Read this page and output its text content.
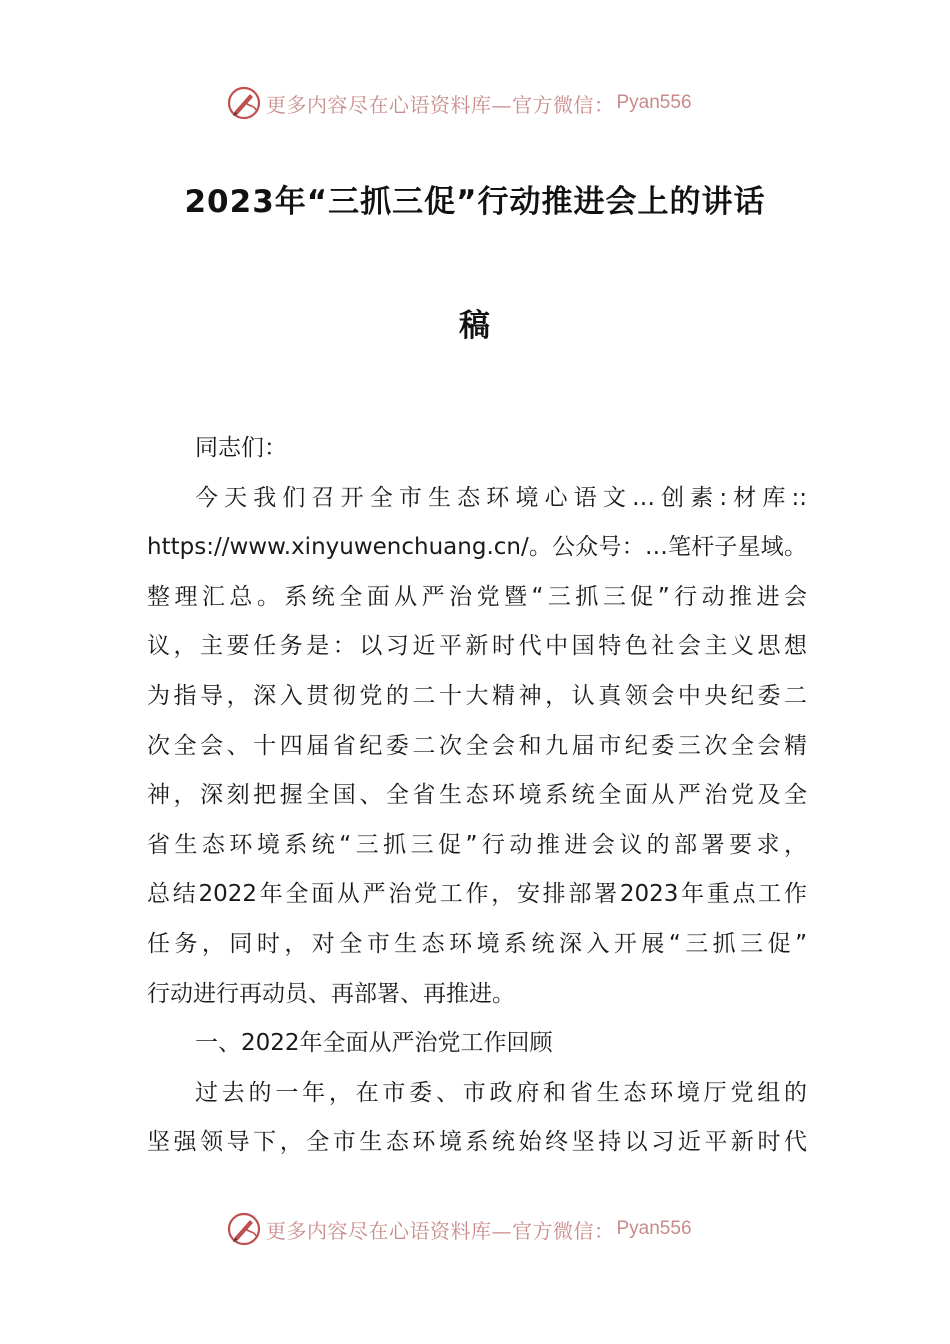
更多内容尽在心语资料库—官方微信： Pyan556
2023年“三抓三促”行动推进会上的讲话
稿
同志们：
今天我们召开全市生态环境心语文…创素:材库::
https://www.xinyuwenchuang.cn/。公众号：…笔杆子星域。
整理汇总。系统全面从严治党暨“三抓三促”行动推进会
议，主要任务是：以习近平新时代中国特色社会主义思想
为指导，深入贯彻党的二十大精神，认真领会中央纪委二
次全会、十四届省纪委二次全会和九届市纪委三次全会精
神，深刻把握全国、全省生态环境系统全面从严治党及全
省生态环境系统“三抓三促”行动推进会议的部署要求，
总结2022年全面从严治党工作，安排部署2023年重点工作
任务，同时，对全市生态环境系统深入开展“三抓三促”
行动进行再动员、再部署、再推进。
一、2022年全面从严治党工作回顾
过去的一年，在市委、市政府和省生态环境厅党组的
坚强领导下，全市生态环境系统始终坚持以习近平新时代
更多内容尽在心语资料库—官方微信： Pyan556
